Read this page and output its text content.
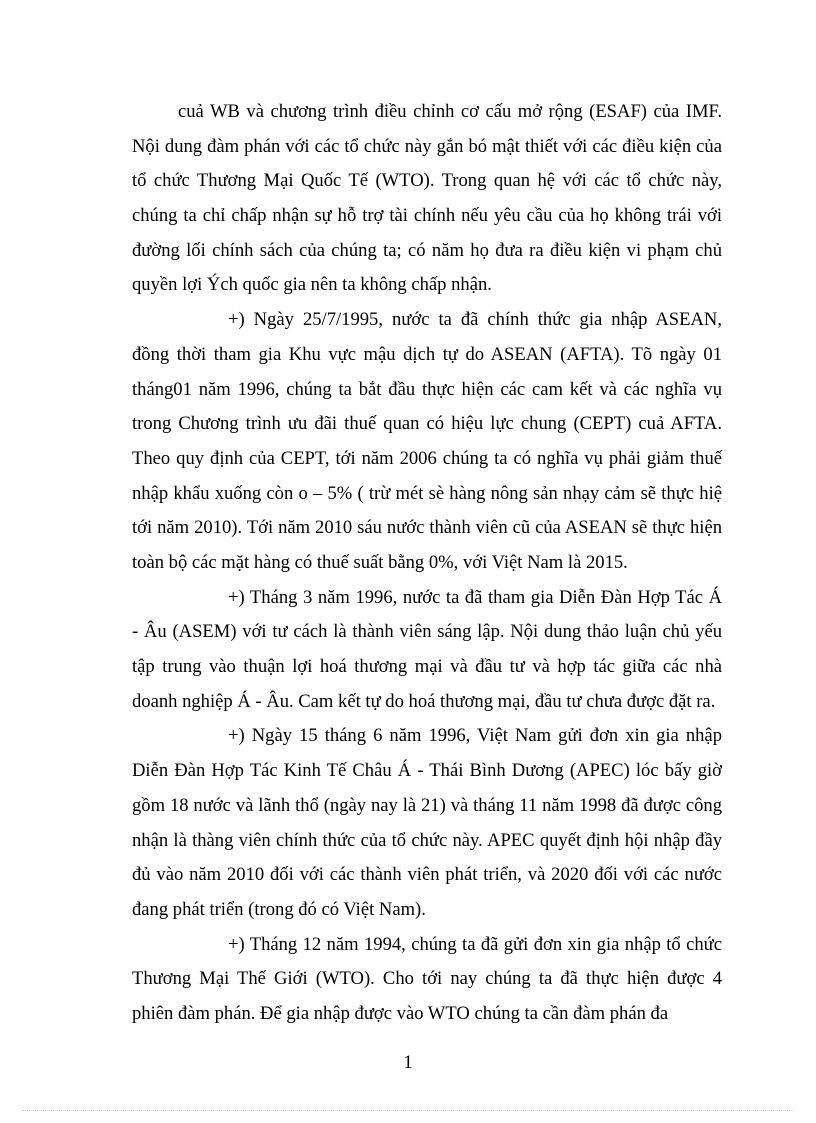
cuả WB và chương trình điều chỉnh cơ cấu mở rộng (ESAF) của IMF.
Nội dung đàm phán với các tổ chức này gắn bó mật thiết với các điều kiện của
tổ chức Thương Mại Quốc Tế (WTO). Trong quan hệ với các tổ chức này,
chúng ta chỉ chấp nhận sự hỗ trợ tài chính nếu yêu cầu của họ không trái với
đường lối chính sách của chúng ta; có năm họ đưa ra điều kiện vi phạm chủ
quyền lợi Ých quốc gia nên ta không chấp nhận.
+) Ngày 25/7/1995, nước ta đã chính thức gia nhập ASEAN,
đồng thời tham gia Khu vực mậu dịch tự do ASEAN (AFTA). Tõ ngày 01
tháng01 năm 1996, chúng ta bắt đầu thực hiện các cam kết và các nghĩa vụ
trong Chương trình ưu đãi thuế quan có hiệu lực chung (CEPT) cuả AFTA.
Theo quy định của CEPT, tới năm 2006 chúng ta có nghĩa vụ phải giảm thuế
nhập khẩu xuống còn o – 5% ( trừ mét sè hàng nông sản nhạy cảm sẽ thực hiệ
tới năm 2010). Tới năm 2010 sáu nước thành viên cũ của ASEAN sẽ thực hiện
toàn bộ các mặt hàng có thuế suất bằng 0%, với Việt Nam là 2015.
+) Tháng 3 năm 1996, nước ta đã tham gia Diễn Đàn Hợp Tác Á
- Âu (ASEM) với tư cách là thành viên sáng lập. Nội dung thảo luận chủ yếu
tập trung vào thuận lợi hoá thương mại và đầu tư và hợp tác giữa các nhà
doanh nghiệp Á - Âu. Cam kết tự do hoá thương mại, đầu tư chưa được đặt ra.
+) Ngày 15 tháng 6 năm 1996, Việt Nam gửi đơn xin gia nhập
Diễn Đàn Hợp Tác Kinh Tế Châu Á - Thái Bình Dương (APEC) lóc bấy giờ
gồm 18 nước và lãnh thổ (ngày nay là 21) và tháng 11 năm 1998 đã được công
nhận là thàng viên chính thức của tổ chức này. APEC quyết định hội nhập đầy
đủ vào năm 2010 đối với các thành viên phát triển, và 2020 đối với các nước
đang phát triển (trong đó có Việt Nam).
+) Tháng 12 năm 1994, chúng ta đã gửi đơn xin gia nhập tổ chức
Thương Mại Thế Giới (WTO). Cho tới nay chúng ta đã thực hiện được 4
phiên đàm phán. Để gia nhập được vào WTO chúng ta cần đàm phán đa
1
